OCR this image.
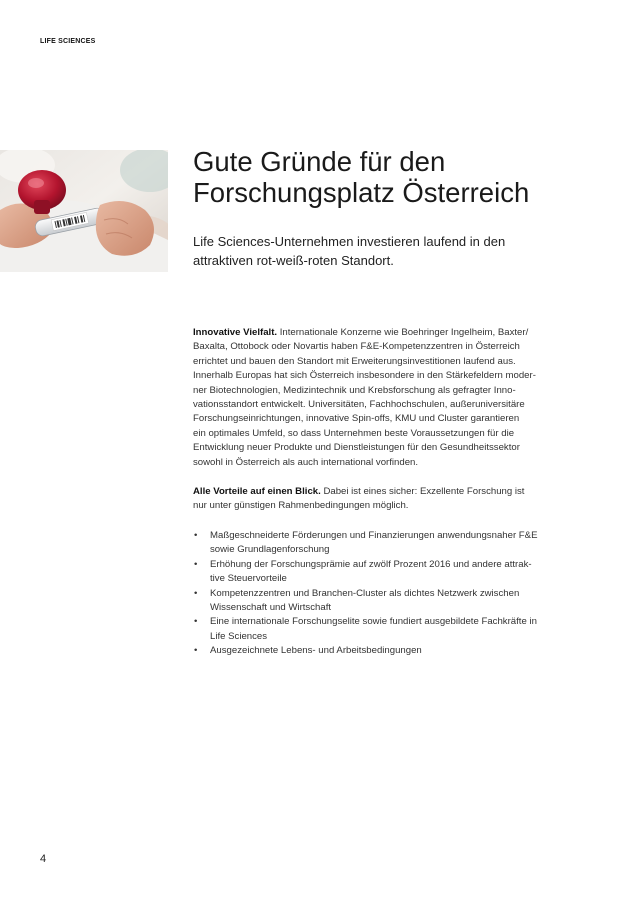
LIFE SCIENCES
Gute Gründe für den
Forschungsplatz Österreich

Life Sciences-Unternehmen investieren laufend in den
attraktiven rot-weiß-roten Standort.

Innovative Vielfalt. Internationale Konzerne wie Boehringer Ingelheim, Baxter/
Baxalta, Ottobock oder Novartis haben F&E-Kompetenzzentren in Österreich
errichtet und bauen den Standort mit Erweiterungsinvestitionen laufend aus.
Innerhalb Europas hat sich Österreich insbesondere in den Stärkefeldern moder-
ner Biotechnologien, Medizintechnik und Krebsforschung als gefragter Inno-
vationsstandort entwickelt. Universitäten, Fachhochschulen, außeruniversitäre
Forschungseinrichtungen, innovative Spin-offs, KMU und Cluster garantieren
ein optimales Umfeld, so dass Unternehmen beste Voraussetzungen für die
Entwicklung neuer Produkte und Dienstleistungen für den Gesundheitssektor
sowohl in Österreich als auch international vorfinden.

Alle Vorteile auf einen Blick. Dabei ist eines sicher: Exzellente Forschung ist
nur unter günstigen Rahmenbedingungen möglich.

• Maßgeschneiderte Förderungen und Finanzierungen anwendungsnaher F&E
sowie Grundlagenforschung
• Erhöhung der Forschungsprämie auf zwölf Prozent 2016 und andere attrak-
tive Steuervorteile
• Kompetenzzentren und Branchen-Cluster als dichtes Netzwerk zwischen
Wissenschaft und Wirtschaft
• Eine internationale Forschungselite sowie fundiert ausgebildete Fachkräfte in
Life Sciences
• Ausgezeichnete Lebens- und Arbeitsbedingungen
4
